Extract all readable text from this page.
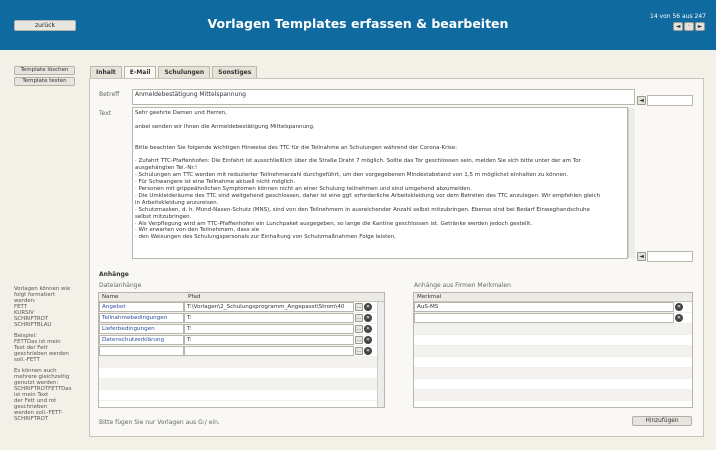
zurück	Vorlagen Templates erfassen & bearbeiten	14 von 56 aus 247
◄	·	►
Template löschen
Template testen

Vorlagen können wie folgt formatiert werden:
FETT
KURSIV
SCHRIFTROT
SCHRIFTBLAU

Beispiel:
FETTDas ist mein Text der Fett geschrieben werden soll.-FETT

Es können auch mehrere gleichzeitig genutzt werden:
SCHRIFTROTFETTDas ist mein Text
der Fett und rot geschrieben
werden soll.-FETT-SCHRIFTROT

Inhalt	E-Mail	Schulungen	Sonstiges
Betreff	Anmeldebestätigung Mittelspannung
◄
Text	Sehr geehrte Damen und Herren,
anbei senden wir Ihnen die Anmeldebestätigung Mittelspannung.
Bitte beachten Sie folgende wichtigen Hinweise des TTC für die Teilnahme an Schulungen während der Corona-Krise:
· Zufahrt TTC-Pfaffenhofen: Die Einfahrt ist ausschließlich über die Straße Draht 7 möglich. Sollte das Tor geschlossen sein, melden Sie sich bitte unter der am Tor
ausgehängten Tel.-Nr.!
· Schulungen am TTC werden mit reduzierter Teilnehmerzahl durchgeführt, um den vorgegebenen Mindestabstand von 1,5 m möglichst einhalten zu können.
· Für Schwangere ist eine Teilnahme aktuell nicht möglich.
· Personen mit grippeähnlichen Symptomen können nicht an einer Schulung teilnehmen und sind umgehend abzumelden.
· Die Umkleideräume des TTC sind weitgehend geschlossen, daher ist eine ggf. erforderliche Arbeitskleidung vor dem Betreten des TTC anzulegen. Wir empfehlen gleich
in Arbeitskleidung anzureisen.
· Schutzmasken, d. h. Mund-Nasen-Schutz (MNS), sind von den Teilnehmern in ausreichender Anzahl selbst mitzubringen. Ebenso sind bei Bedarf Einweghandschuhe
selbst mitzubringen.
· Als Verpflegung wird am TTC-Pfaffenhofen ein Lunchpaket ausgegeben, so lange die Kantine geschlossen ist. Getränke werden jedoch gestellt.
· Wir erwarten von den Teilnehmern, dass sie
· den Weisungen des Schulungspersonals zur Einhaltung von Schutzmaßnahmen Folge leisten,
◄
Anhänge
Dateianhänge	Anhänge aus Firmen Merkmalen
Name	Pfad
Angebot	T:\Vorlagen\2_Schulungsprogramm_Angepasst\Strom\40	… ✕
Teilnahmebedingungen	T:	… ✕
Lieferbedingungen	T:	… ✕
Datenschutzerklärung	T:	… ✕
… ✕
Merkmal
AuS-MS	✕
✕
Bitte fügen Sie nur Vorlagen aus G:/ ein.	Hinzufügen
